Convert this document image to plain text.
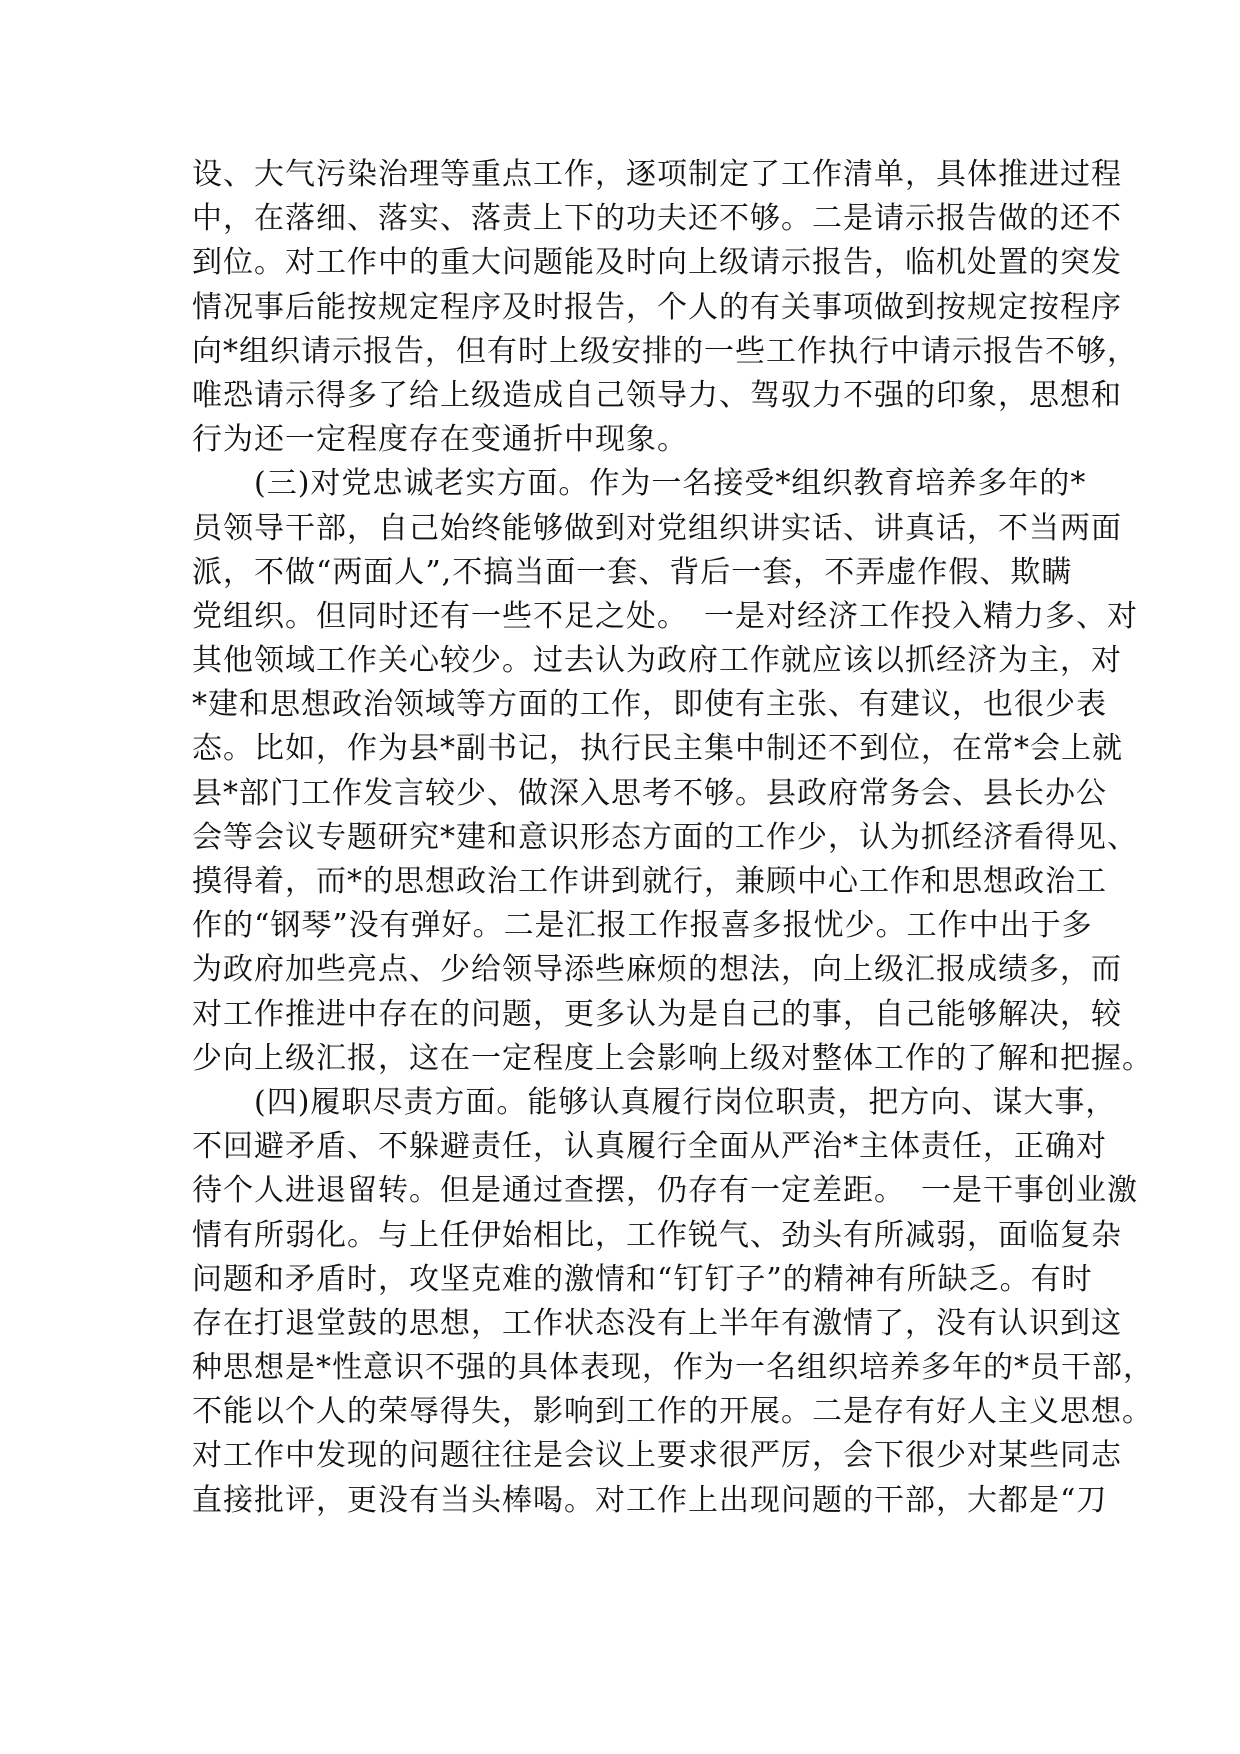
设、大气污染治理等重点工作，逐项制定了工作清单，具体推进过程
中，在落细、落实、落责上下的功夫还不够。二是请示报告做的还不
到位。对工作中的重大问题能及时向上级请示报告，临机处置的突发
情况事后能按规定程序及时报告，个人的有关事项做到按规定按程序
向*组织请示报告，但有时上级安排的一些工作执行中请示报告不够，
唯恐请示得多了给上级造成自己领导力、驾驭力不强的印象，思想和
行为还一定程度存在变通折中现象。
　　(三)对党忠诚老实方面。作为一名接受*组织教育培养多年的*
员领导干部，自己始终能够做到对党组织讲实话、讲真话，不当两面
派，不做“两面人”,不搞当面一套、背后一套，不弄虚作假、欺瞒
党组织。但同时还有一些不足之处。　一是对经济工作投入精力多、对
其他领域工作关心较少。过去认为政府工作就应该以抓经济为主，对
*建和思想政治领域等方面的工作，即使有主张、有建议，也很少表
态。比如，作为县*副书记，执行民主集中制还不到位，在常*会上就
县*部门工作发言较少、做深入思考不够。县政府常务会、县长办公
会等会议专题研究*建和意识形态方面的工作少，认为抓经济看得见、
摸得着，而*的思想政治工作讲到就行，兼顾中心工作和思想政治工
作的“钢琴”没有弹好。二是汇报工作报喜多报忧少。工作中出于多
为政府加些亮点、少给领导添些麻烦的想法，向上级汇报成绩多，而
对工作推进中存在的问题，更多认为是自己的事，自己能够解决，较
少向上级汇报，这在一定程度上会影响上级对整体工作的了解和把握。
　　(四)履职尽责方面。能够认真履行岗位职责，把方向、谋大事，
不回避矛盾、不躲避责任，认真履行全面从严治*主体责任，正确对
待个人进退留转。但是通过查摆，仍存有一定差距。　一是干事创业激
情有所弱化。与上任伊始相比，工作锐气、劲头有所减弱，面临复杂
问题和矛盾时，攻坚克难的激情和“钉钉子”的精神有所缺乏。有时
存在打退堂鼓的思想，工作状态没有上半年有激情了，没有认识到这
种思想是*性意识不强的具体表现，作为一名组织培养多年的*员干部，
不能以个人的荣辱得失，影响到工作的开展。二是存有好人主义思想。
对工作中发现的问题往往是会议上要求很严厉，会下很少对某些同志
直接批评，更没有当头棒喝。对工作上出现问题的干部，大都是“刀
